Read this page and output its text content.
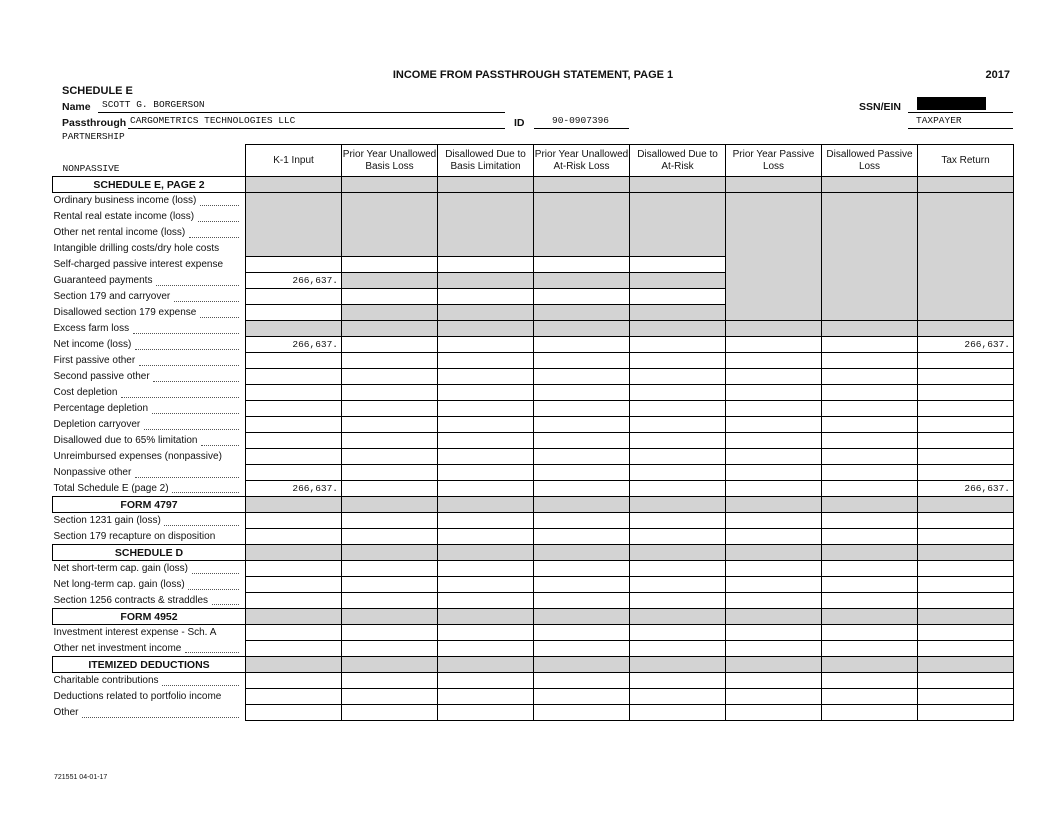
INCOME FROM PASSTHROUGH STATEMENT, PAGE 1	2017
SCHEDULE E
Name SCOTT G. BORGERSON	SSN/EIN
Passthrough CARGOMETRICS TECHNOLOGIES LLC	ID	90-0907396	TAXPAYER
PARTNERSHIP
NONPASSIVE	K-1 Input	Prior Year Unallowed Basis Loss	Disallowed Due to Basis Limitation	Prior Year Unallowed At-Risk Loss	Disallowed Due to At-Risk	Prior Year Passive Loss	Disallowed Passive Loss	Tax Return
SCHEDULE E, PAGE 2								
Ordinary business income (loss)

Rental real estate income (loss)

Other net rental income (loss)

Intangible drilling costs/dry hole costs								
Self-charged passive interest expense								
Guaranteed payments	266,637.							
Section 179 and carryover

Disallowed section 179 expense

Excess farm loss

Net income (loss)	266,637.							266,637.
First passive other

Second passive other

Cost depletion

Percentage depletion

Depletion carryover

Disallowed due to 65% limitation

Unreimbursed expenses (nonpassive)								
Nonpassive other

Total Schedule E (page 2)	266,637.							266,637.
FORM 4797								
Section 1231 gain (loss)

Section 179 recapture on disposition								
SCHEDULE D								
Net short-term cap. gain (loss)

Net long-term cap. gain (loss)

Section 1256 contracts & straddles

FORM 4952								
Investment interest expense - Sch. A								
Other net investment income

ITEMIZED DEDUCTIONS								
Charitable contributions

Deductions related to portfolio income								
Other

721551 04-01-17
